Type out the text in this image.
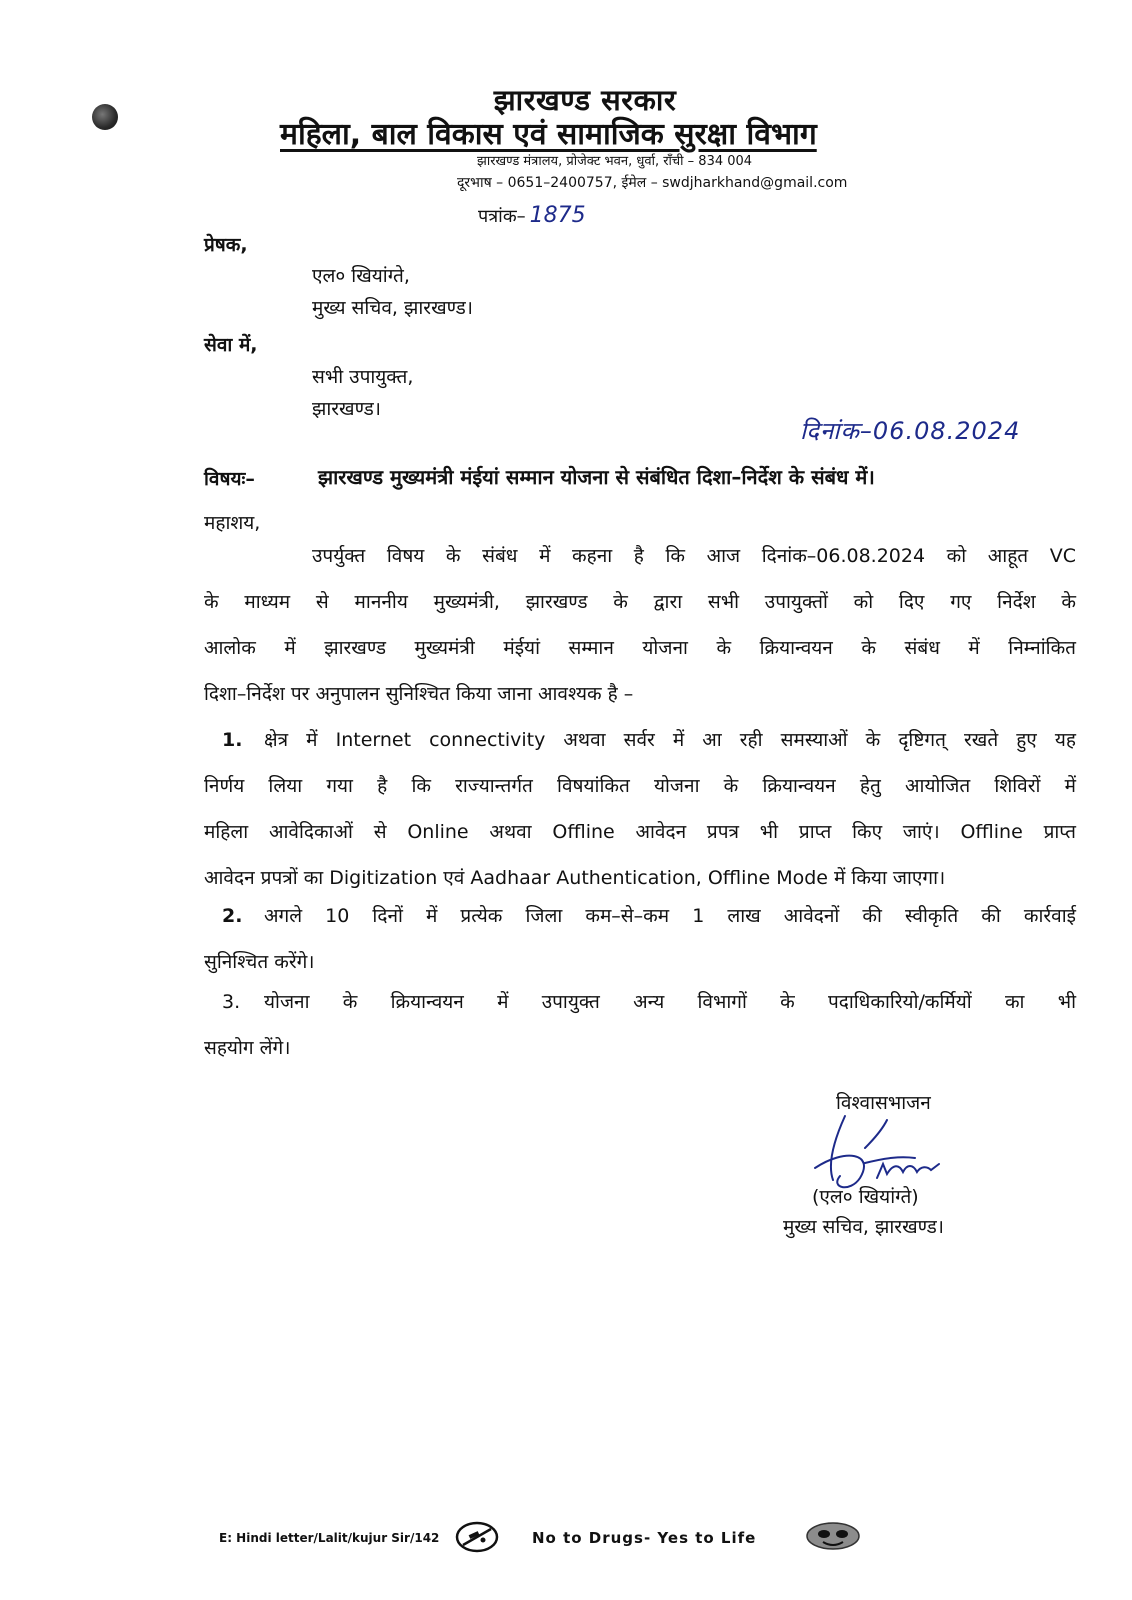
झारखण्ड सरकार
महिला, बाल विकास एवं सामाजिक सुरक्षा विभाग
झारखण्ड मंत्रालय, प्रोजेक्ट भवन, धुर्वा, राँची – 834 004
दूरभाष – 0651–2400757, ईमेल – swdjharkhand@gmail.com
पत्रांक– 1875
प्रेषक,
एल० खियांग्ते,
मुख्य सचिव, झारखण्ड।
सेवा में,
सभी उपायुक्त,
झारखण्ड।
दिनांक–06.08.2024
विषयः–	झारखण्ड मुख्यमंत्री मंईयां सम्मान योजना से संबंधित दिशा–निर्देश के संबंध में।
महाशय,
उपर्युक्त विषय के संबंध में कहना है कि आज दिनांक–06.08.2024 को आहूत VC
के माध्यम से माननीय मुख्यमंत्री, झारखण्ड के द्वारा सभी उपायुक्तों को दिए गए निर्देश के
आलोक में झारखण्ड मुख्यमंत्री मंईयां सम्मान योजना के क्रियान्वयन के संबंध में निम्नांकित
दिशा–निर्देश पर अनुपालन सुनिश्चित किया जाना आवश्यक है –
1. क्षेत्र में Internet connectivity अथवा सर्वर में आ रही समस्याओं के दृष्टिगत् रखते हुए यह
निर्णय लिया गया है कि राज्यान्तर्गत विषयांकित योजना के क्रियान्वयन हेतु आयोजित शिविरों में
महिला आवेदिकाओं से Online अथवा Offline आवेदन प्रपत्र भी प्राप्त किए जाएं। Offline प्राप्त
आवेदन प्रपत्रों का Digitization एवं Aadhaar Authentication, Offline Mode में किया जाएगा।
2. अगले 10 दिनों में प्रत्येक जिला कम–से–कम 1 लाख आवेदनों की स्वीकृति की कार्रवाई
सुनिश्चित करेंगे।
3. योजना के क्रियान्वयन में उपायुक्त अन्य विभागों के पदाधिकारियो/कर्मियों का भी
सहयोग लेंगे।
विश्वासभाजन
(एल० खियांग्ते)
मुख्य सचिव, झारखण्ड।
E: Hindi letter/Lalit/kujur Sir/142	No to Drugs- Yes to Life
